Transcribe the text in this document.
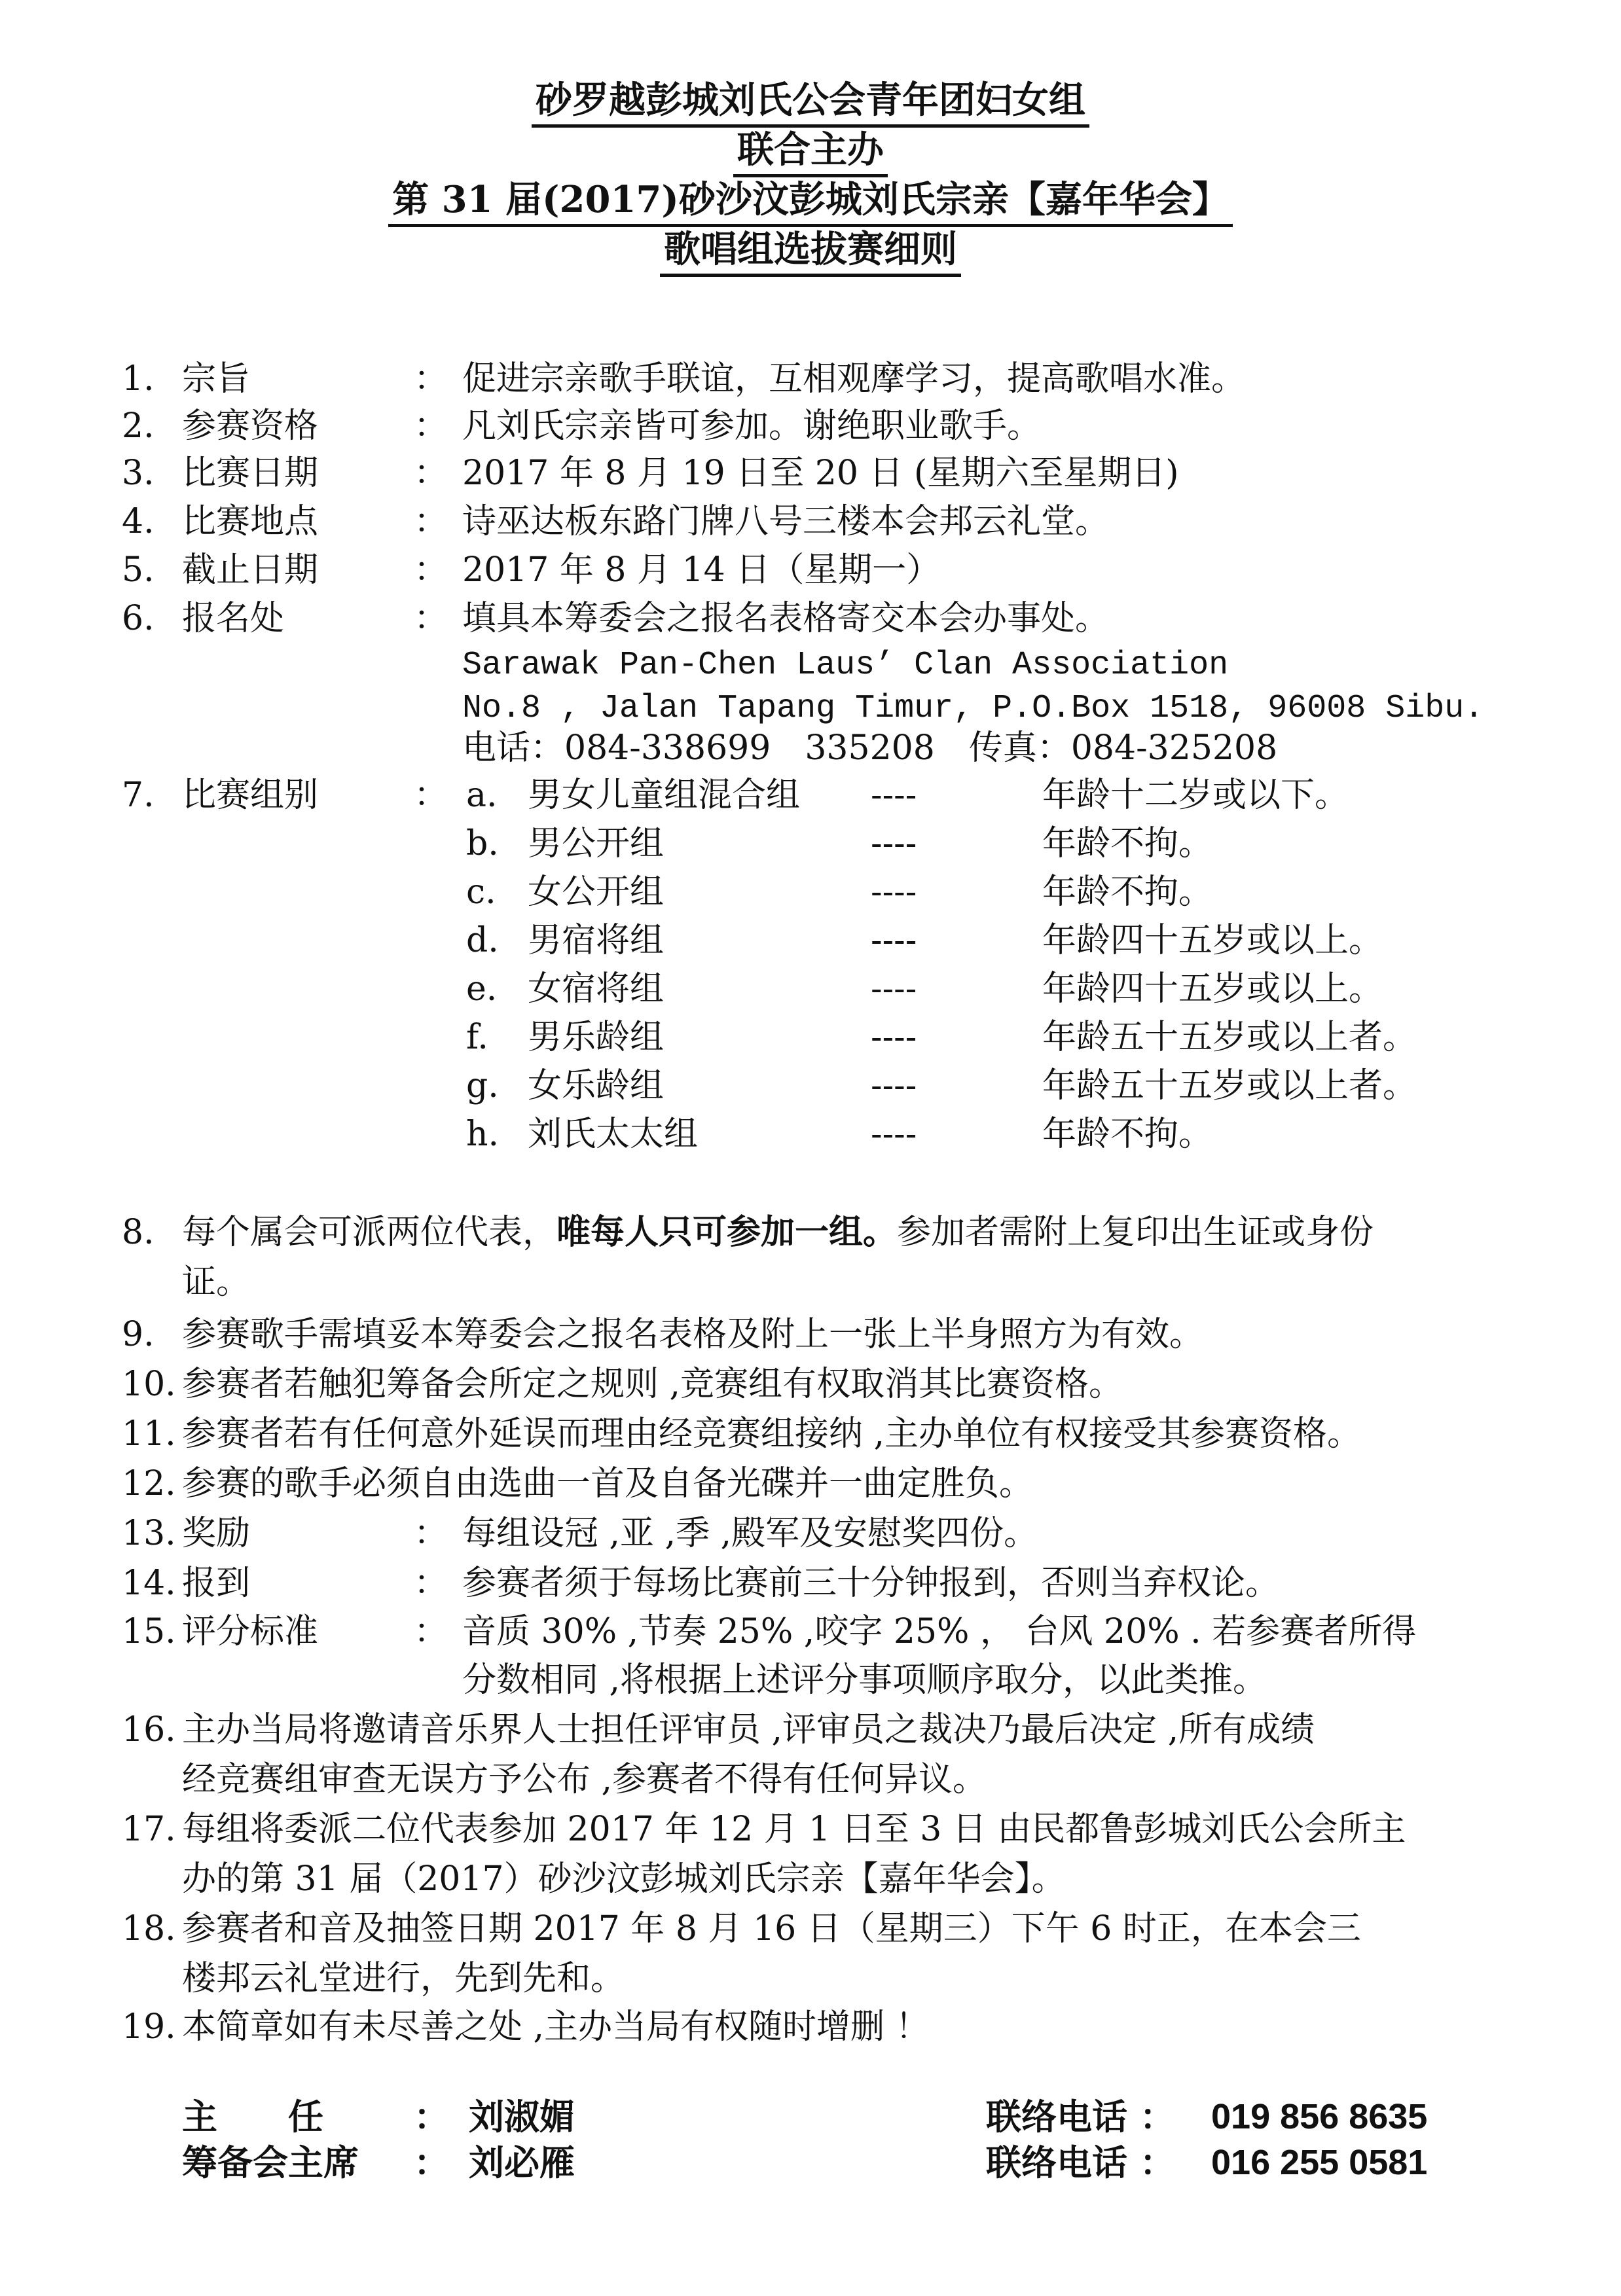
砂罗越彭城刘氏公会青年团妇女组
联合主办
第 31 届(2017)砂沙汶彭城刘氏宗亲【嘉年华会】
歌唱组选拔赛细则
1. 宗旨	： 促进宗亲歌手联谊，互相观摩学习，提高歌唱水准。
2. 参赛资格	： 凡刘氏宗亲皆可参加。谢绝职业歌手。
3. 比赛日期	： 2017 年 8 月 19 日至 20 日 (星期六至星期日)
4. 比赛地点	： 诗巫达板东路门牌八号三楼本会邦云礼堂。
5. 截止日期	： 2017 年 8 月 14 日（星期一）
6. 报名处	： 填具本筹委会之报名表格寄交本会办事处。
Sarawak Pan-Chen Laus’ Clan Association
No.8 , Jalan Tapang Timur, P.O.Box 1518, 96008 Sibu.
电话：084-338699　335208　传真：084-325208
7. 比赛组别	： a. 男女儿童组混合组 ----	年龄十二岁或以下。
b. 男公开组	----	年龄不拘。
c. 女公开组	----	年龄不拘。
d. 男宿将组	----	年龄四十五岁或以上。
e. 女宿将组	----	年龄四十五岁或以上。
f. 男乐龄组	----	年龄五十五岁或以上者。
g. 女乐龄组	----	年龄五十五岁或以上者。
h. 刘氏太太组	----	年龄不拘。
8. 每个属会可派两位代表，唯每人只可参加一组。参加者需附上复印出生证或身份
证。
9. 参赛歌手需填妥本筹委会之报名表格及附上一张上半身照方为有效。
10. 参赛者若触犯筹备会所定之规则 ,竞赛组有权取消其比赛资格。
11. 参赛者若有任何意外延误而理由经竞赛组接纳 ,主办单位有权接受其参赛资格。
12. 参赛的歌手必须自由选曲一首及自备光碟并一曲定胜负。
13. 奖励	： 每组设冠 ,亚 ,季 ,殿军及安慰奖四份。
14. 报到	： 参赛者须于每场比赛前三十分钟报到，否则当弃权论。
15. 评分标准	： 音质 30% ,节奏 25% ,咬字 25% ， 台风 20% . 若参赛者所得
分数相同 ,将根据上述评分事项顺序取分，以此类推。
16. 主办当局将邀请音乐界人士担任评审员 ,评审员之裁决乃最后决定 ,所有成绩
经竞赛组审查无误方予公布 ,参赛者不得有任何异议。
17. 每组将委派二位代表参加 2017 年 12 月 1 日至 3 日 由民都鲁彭城刘氏公会所主
办的第 31 届（2017）砂沙汶彭城刘氏宗亲【嘉年华会】。
18. 参赛者和音及抽签日期 2017 年 8 月 16 日（星期三）下午 6 时正，在本会三
楼邦云礼堂进行，先到先和。
19. 本简章如有未尽善之处 ,主办当局有权随时增删 ！
主　　任	： 刘淑媚	联络电话 ： 019 856 8635
筹备会主席 ： 刘必雁	联络电话 ： 016 255 0581
